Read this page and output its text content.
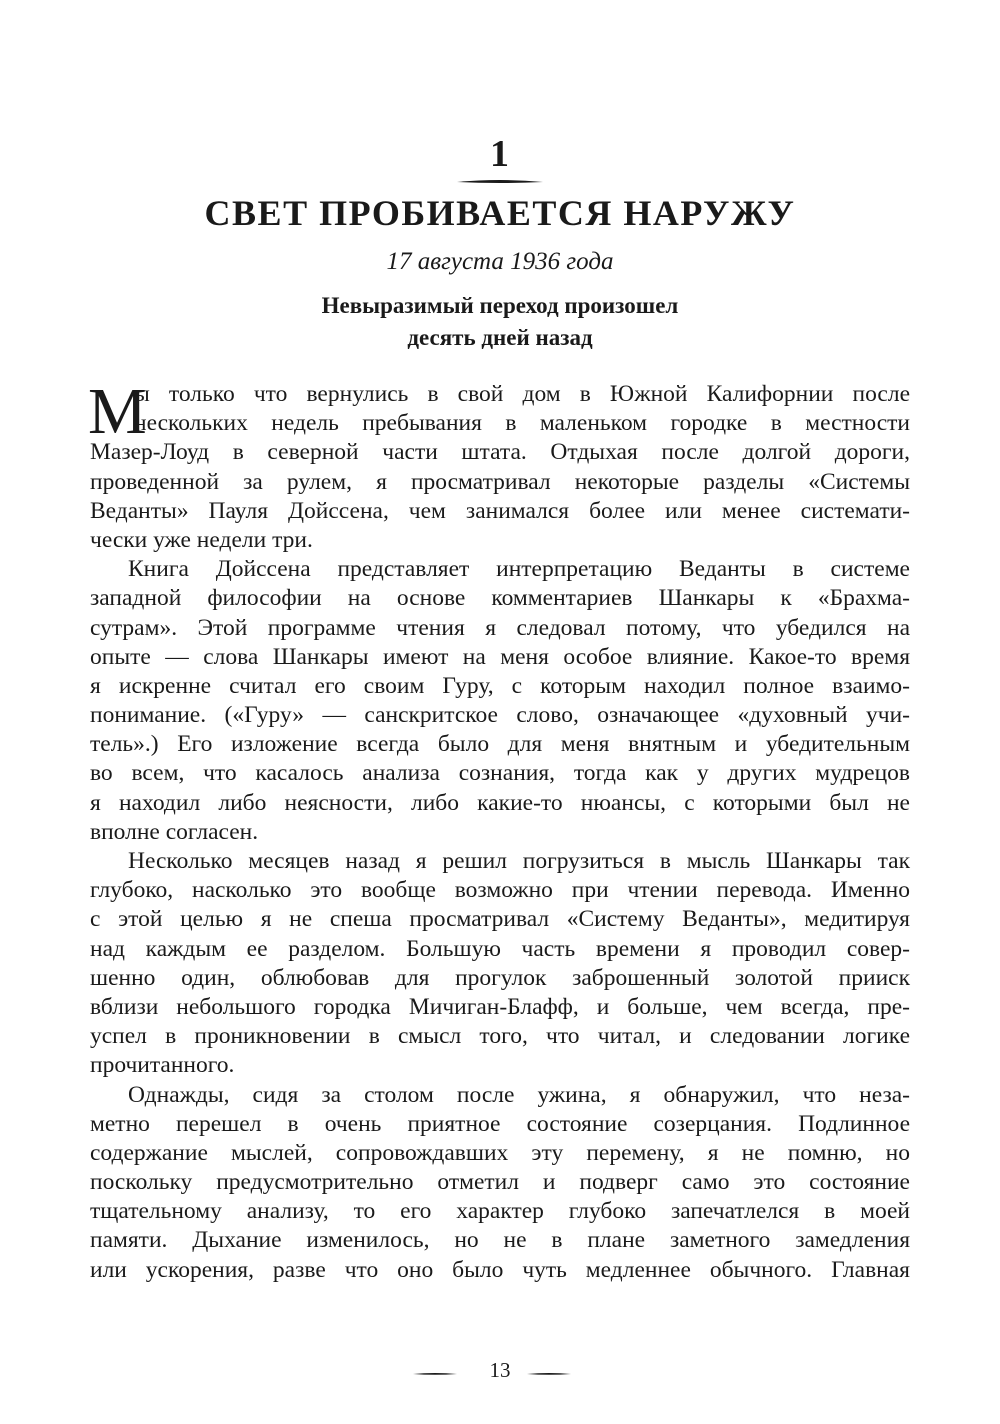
1
СВЕТ ПРОБИВАЕТСЯ НАРУЖУ
17 августа 1936 года
Невыразимый переход произошел
десять дней назад
М
ы только что вернулись в свой дом в Южной Калифорнии после
нескольких недель пребывания в маленьком городке в местности
Мазер-Лоуд в северной части штата. Отдыхая после долгой дороги,
проведенной за рулем, я просматривал некоторые разделы «Системы
Веданты» Пауля Дойссена, чем занимался более или менее системати-
чески уже недели три.
Книга Дойссена представляет интерпретацию Веданты в системе
западной философии на основе комментариев Шанкары к «Брахма-
сутрам». Этой программе чтения я следовал потому, что убедился на
опыте — слова Шанкары имеют на меня особое влияние. Какое-то время
я искренне считал его своим Гуру, с которым находил полное взаимо-
понимание. («Гуру» — санскритское слово, означающее «духовный учи-
тель».) Его изложение всегда было для меня внятным и убедительным
во всем, что касалось анализа сознания, тогда как у других мудрецов
я находил либо неясности, либо какие-то нюансы, с которыми был не
вполне согласен.
Несколько месяцев назад я решил погрузиться в мысль Шанкары так
глубоко, насколько это вообще возможно при чтении перевода. Именно
с этой целью я не спеша просматривал «Систему Веданты», медитируя
над каждым ее разделом. Большую часть времени я проводил совер-
шенно один, облюбовав для прогулок заброшенный золотой прииск
вблизи небольшого городка Мичиган-Блафф, и больше, чем всегда, пре-
успел в проникновении в смысл того, что читал, и следовании логике
прочитанного.
Однажды, сидя за столом после ужина, я обнаружил, что неза-
метно перешел в очень приятное состояние созерцания. Подлинное
содержание мыслей, сопровождавших эту перемену, я не помню, но
поскольку предусмотрительно отметил и подверг само это состояние
тщательному анализу, то его характер глубоко запечатлелся в моей
памяти. Дыхание изменилось, но не в плане заметного замедления
или ускорения, разве что оно было чуть медленнее обычного. Главная
13
